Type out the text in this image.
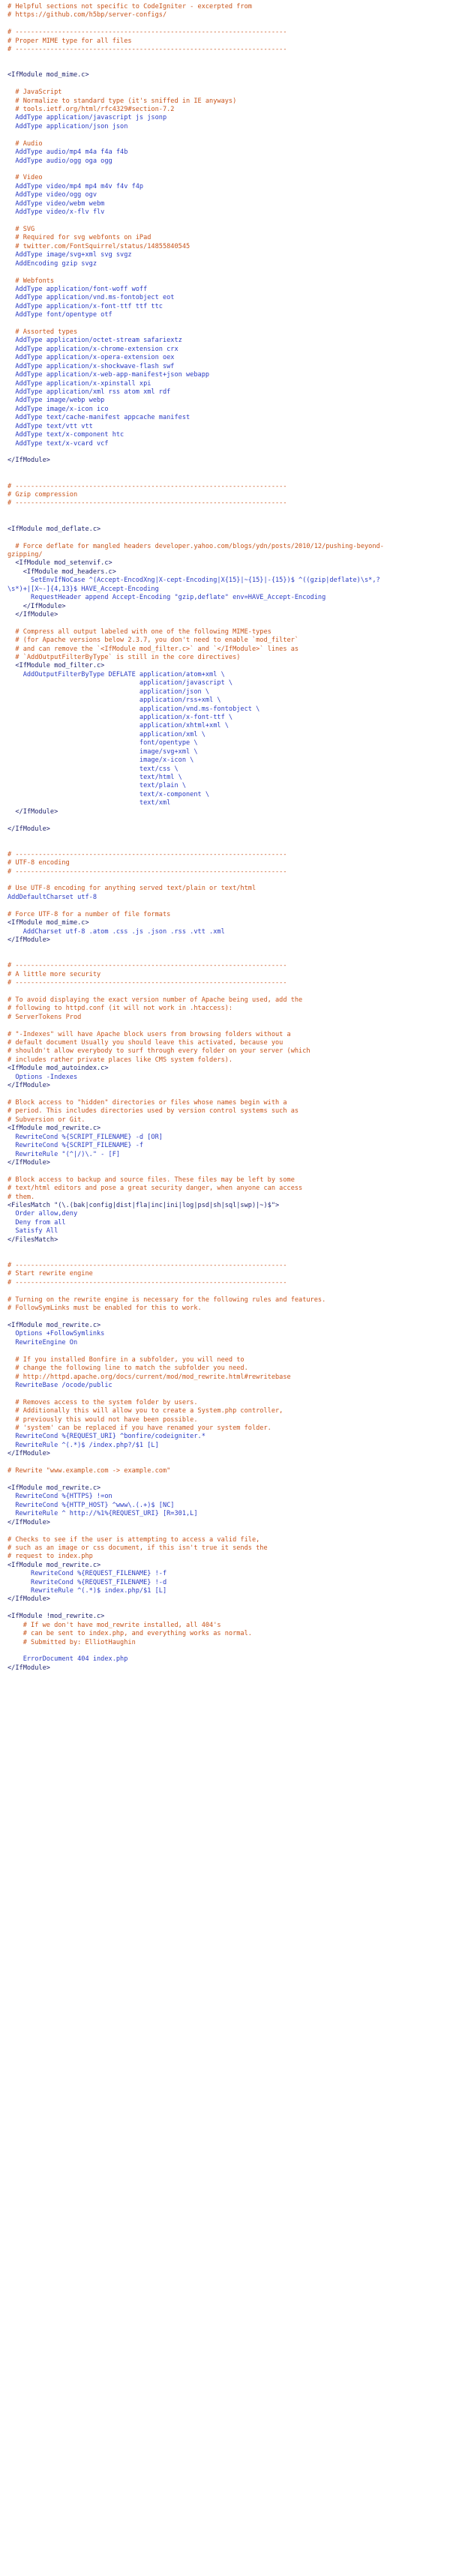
# Helpful sections not specific to CodeIgniter - excerpted from
# https://github.com/h5bp/server-configs/
# ----------------------------------------------------------------------
# Proper MIME type for all files
# ----------------------------------------------------------------------
<IfModule mod_mime.c>
# JavaScript
# Normalize to standard type (it's sniffed in IE anyways)
# tools.ietf.org/html/rfc4329#section-7.2
AddType application/javascript js jsonp
AddType application/json json
# Audio
AddType audio/mp4 m4a f4a f4b
AddType audio/ogg oga ogg
# Video
AddType video/mp4 mp4 m4v f4v f4p
AddType video/ogg ogv
AddType video/webm webm
AddType video/x-flv flv
# SVG
# Required for svg webfonts on iPad
# twitter.com/FontSquirrel/status/14855840545
AddType image/svg+xml svg svgz
AddEncoding gzip svgz
# Webfonts
AddType application/font-woff woff
AddType application/vnd.ms-fontobject eot
AddType application/x-font-ttf ttf ttc
AddType font/opentype otf
# Assorted types
AddType application/octet-stream safariextz
AddType application/x-chrome-extension crx
AddType application/x-opera-extension oex
AddType application/x-shockwave-flash swf
AddType application/x-web-app-manifest+json webapp
AddType application/x-xpinstall xpi
AddType application/xml rss atom xml rdf
AddType image/webp webp
AddType image/x-icon ico
AddType text/cache-manifest appcache manifest
AddType text/vtt vtt
AddType text/x-component htc
AddType text/x-vcard vcf
</IfModule>
# ----------------------------------------------------------------------
# Gzip compression
# ----------------------------------------------------------------------
<IfModule mod_deflate.c>
# Force deflate for mangled headers developer.yahoo.com/blogs/ydn/posts/2010/12/pushing-beyond-
gzipping/
<IfModule mod_setenvif.c>
<IfModule mod_headers.c>
SetEnvIfNoCase ^(Accept-EncodXng|X-cept-Encoding|X{15}|~{15}|-{15})$ ^((gzip|deflate)\s*,?
\s*)+|[X~-]{4,13}$ HAVE_Accept-Encoding
RequestHeader append Accept-Encoding "gzip,deflate" env=HAVE_Accept-Encoding
</IfModule>
</IfModule>
# Compress all output labeled with one of the following MIME-types
# (for Apache versions below 2.3.7, you don't need to enable `mod_filter`
# and can remove the `<IfModule mod_filter.c>` and `</IfModule>` lines as
# `AddOutputFilterByType` is still in the core directives)
<IfModule mod_filter.c>
AddOutputFilterByType DEFLATE application/atom+xml \
application/javascript \
application/json \
application/rss+xml \
application/vnd.ms-fontobject \
application/x-font-ttf \
application/xhtml+xml \
application/xml \
font/opentype \
image/svg+xml \
image/x-icon \
text/css \
text/html \
text/plain \
text/x-component \
text/xml
</IfModule>
</IfModule>
# ----------------------------------------------------------------------
# UTF-8 encoding
# ----------------------------------------------------------------------
# Use UTF-8 encoding for anything served text/plain or text/html
AddDefaultCharset utf-8
# Force UTF-8 for a number of file formats
<IfModule mod_mime.c>
AddCharset utf-8 .atom .css .js .json .rss .vtt .xml
</IfModule>
# ----------------------------------------------------------------------
# A little more security
# ----------------------------------------------------------------------
# To avoid displaying the exact version number of Apache being used, add the
# following to httpd.conf (it will not work in .htaccess):
# ServerTokens Prod
# "-Indexes" will have Apache block users from browsing folders without a
# default document Usually you should leave this activated, because you
# shouldn't allow everybody to surf through every folder on your server (which
# includes rather private places like CMS system folders).
<IfModule mod_autoindex.c>
Options -Indexes
</IfModule>
# Block access to "hidden" directories or files whose names begin with a
# period. This includes directories used by version control systems such as
# Subversion or Git.
<IfModule mod_rewrite.c>
RewriteCond %{SCRIPT_FILENAME} -d [OR]
RewriteCond %{SCRIPT_FILENAME} -f
RewriteRule "(^|/)\." - [F]
</IfModule>
# Block access to backup and source files. These files may be left by some
# text/html editors and pose a great security danger, when anyone can access
# them.
<FilesMatch "(\.(bak|config|dist|fla|inc|ini|log|psd|sh|sql|swp)|~)$">
Order allow,deny
Deny from all
Satisfy All
</FilesMatch>
# ----------------------------------------------------------------------
# Start rewrite engine
# ----------------------------------------------------------------------
# Turning on the rewrite engine is necessary for the following rules and features.
# FollowSymLinks must be enabled for this to work.
<IfModule mod_rewrite.c>
Options +FollowSymlinks
RewriteEngine On
# If you installed Bonfire in a subfolder, you will need to
# change the following line to match the subfolder you need.
# http://httpd.apache.org/docs/current/mod/mod_rewrite.html#rewritebase
RewriteBase /ocode/public
# Removes access to the system folder by users.
# Additionally this will allow you to create a System.php controller,
# previously this would not have been possible.
# 'system' can be replaced if you have renamed your system folder.
RewriteCond %{REQUEST_URI} ^bonfire/codeigniter.*
RewriteRule ^(.*)$ /index.php?/$1 [L]
</IfModule>
# Rewrite "www.example.com -> example.com"
<IfModule mod_rewrite.c>
RewriteCond %{HTTPS} !=on
RewriteCond %{HTTP_HOST} ^www\.(.+)$ [NC]
RewriteRule ^ http://%1%{REQUEST_URI} [R=301,L]
</IfModule>
# Checks to see if the user is attempting to access a valid file,
# such as an image or css document, if this isn't true it sends the
# request to index.php
<IfModule mod_rewrite.c>
RewriteCond %{REQUEST_FILENAME} !-f
RewriteCond %{REQUEST_FILENAME} !-d
RewriteRule ^(.*)$ index.php/$1 [L]
</IfModule>
<IfModule !mod_rewrite.c>
# If we don't have mod_rewrite installed, all 404's
# can be sent to index.php, and everything works as normal.
# Submitted by: ElliotHaughin
ErrorDocument 404 index.php
</IfModule>
